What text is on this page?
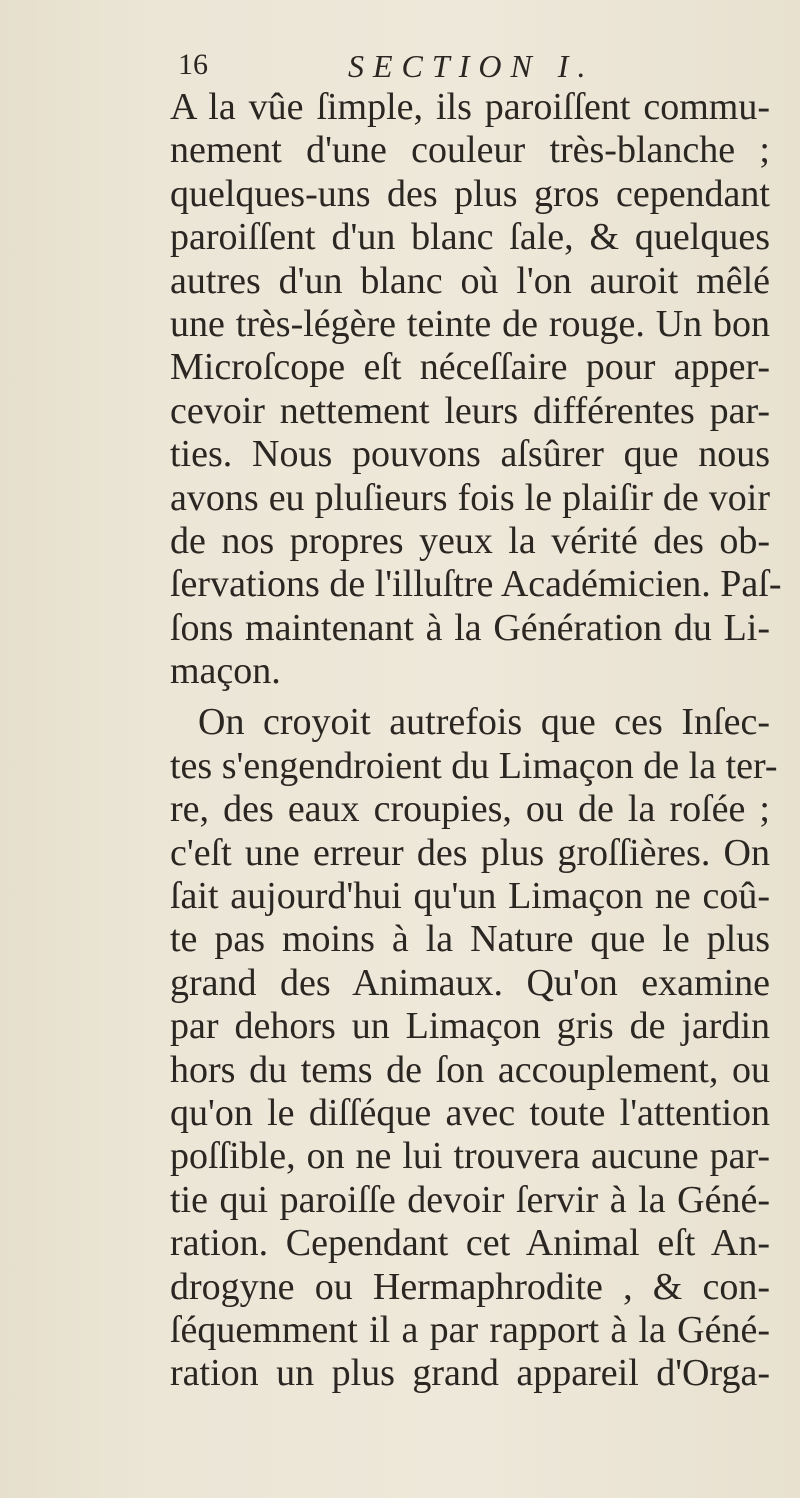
16	SECTION I.
A la vûe ſimple, ils paroiſſent commu-
nement d'une couleur très-blanche ;
quelques-uns des plus gros cependant
paroiſſent d'un blanc ſale, & quelques
autres d'un blanc où l'on auroit mêlé
une très-légère teinte de rouge. Un bon
Microſcope eſt néceſſaire pour apper-
cevoir nettement leurs différentes par-
ties. Nous pouvons aſsûrer que nous
avons eu pluſieurs fois le plaiſir de voir
de nos propres yeux la vérité des ob-
ſervations de l'illuſtre Académicien. Paſ-
ſons maintenant à la Génération du Li-
maçon.
On croyoit autrefois que ces Inſec-
tes s'engendroient du Limaçon de la ter-
re, des eaux croupies, ou de la roſée ;
c'eſt une erreur des plus groſſières. On
ſait aujourd'hui qu'un Limaçon ne coû-
te pas moins à la Nature que le plus
grand des Animaux. Qu'on examine
par dehors un Limaçon gris de jardin
hors du tems de ſon accouplement, ou
qu'on le diſſéque avec toute l'attention
poſſible, on ne lui trouvera aucune par-
tie qui paroiſſe devoir ſervir à la Géné-
ration. Cependant cet Animal eſt An-
drogyne ou Hermaphrodite , & con-
ſéquemment il a par rapport à la Géné-
ration un plus grand appareil d'Orga-
